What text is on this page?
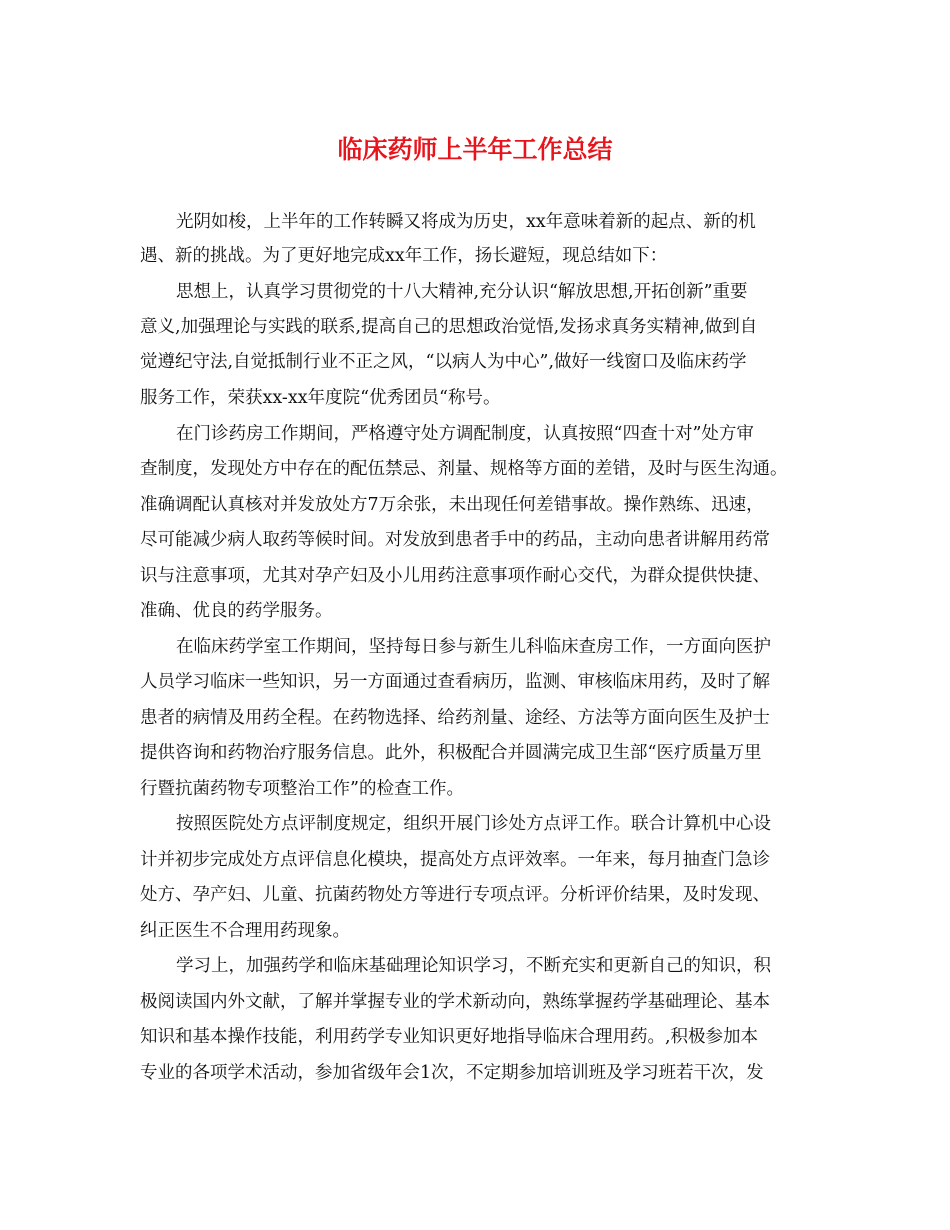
临床药师上半年工作总结
光阴如梭，上半年的工作转瞬又将成为历史，xx年意味着新的起点、新的机
遇、新的挑战。为了更好地完成xx年工作，扬长避短，现总结如下：
思想上，认真学习贯彻党的十八大精神,充分认识“解放思想,开拓创新”重要
意义,加强理论与实践的联系,提高自己的思想政治觉悟,发扬求真务实精神,做到自
觉遵纪守法,自觉抵制行业不正之风，“以病人为中心”,做好一线窗口及临床药学
服务工作，荣获xx-xx年度院“优秀团员“称号。
在门诊药房工作期间，严格遵守处方调配制度，认真按照“四查十对”处方审
查制度，发现处方中存在的配伍禁忌、剂量、规格等方面的差错，及时与医生沟通。
准确调配认真核对并发放处方7万余张，未出现任何差错事故。操作熟练、迅速，
尽可能减少病人取药等候时间。对发放到患者手中的药品，主动向患者讲解用药常
识与注意事项，尤其对孕产妇及小儿用药注意事项作耐心交代，为群众提供快捷、
准确、优良的药学服务。
在临床药学室工作期间，坚持每日参与新生儿科临床查房工作，一方面向医护
人员学习临床一些知识，另一方面通过查看病历，监测、审核临床用药，及时了解
患者的病情及用药全程。在药物选择、给药剂量、途经、方法等方面向医生及护士
提供咨询和药物治疗服务信息。此外，积极配合并圆满完成卫生部“医疗质量万里
行暨抗菌药物专项整治工作”的检查工作。
按照医院处方点评制度规定，组织开展门诊处方点评工作。联合计算机中心设
计并初步完成处方点评信息化模块，提高处方点评效率。一年来，每月抽查门急诊
处方、孕产妇、儿童、抗菌药物处方等进行专项点评。分析评价结果，及时发现、
纠正医生不合理用药现象。
学习上，加强药学和临床基础理论知识学习，不断充实和更新自己的知识，积
极阅读国内外文献，了解并掌握专业的学术新动向，熟练掌握药学基础理论、基本
知识和基本操作技能，利用药学专业知识更好地指导临床合理用药。,积极参加本
专业的各项学术活动，参加省级年会1次，不定期参加培训班及学习班若干次，发
